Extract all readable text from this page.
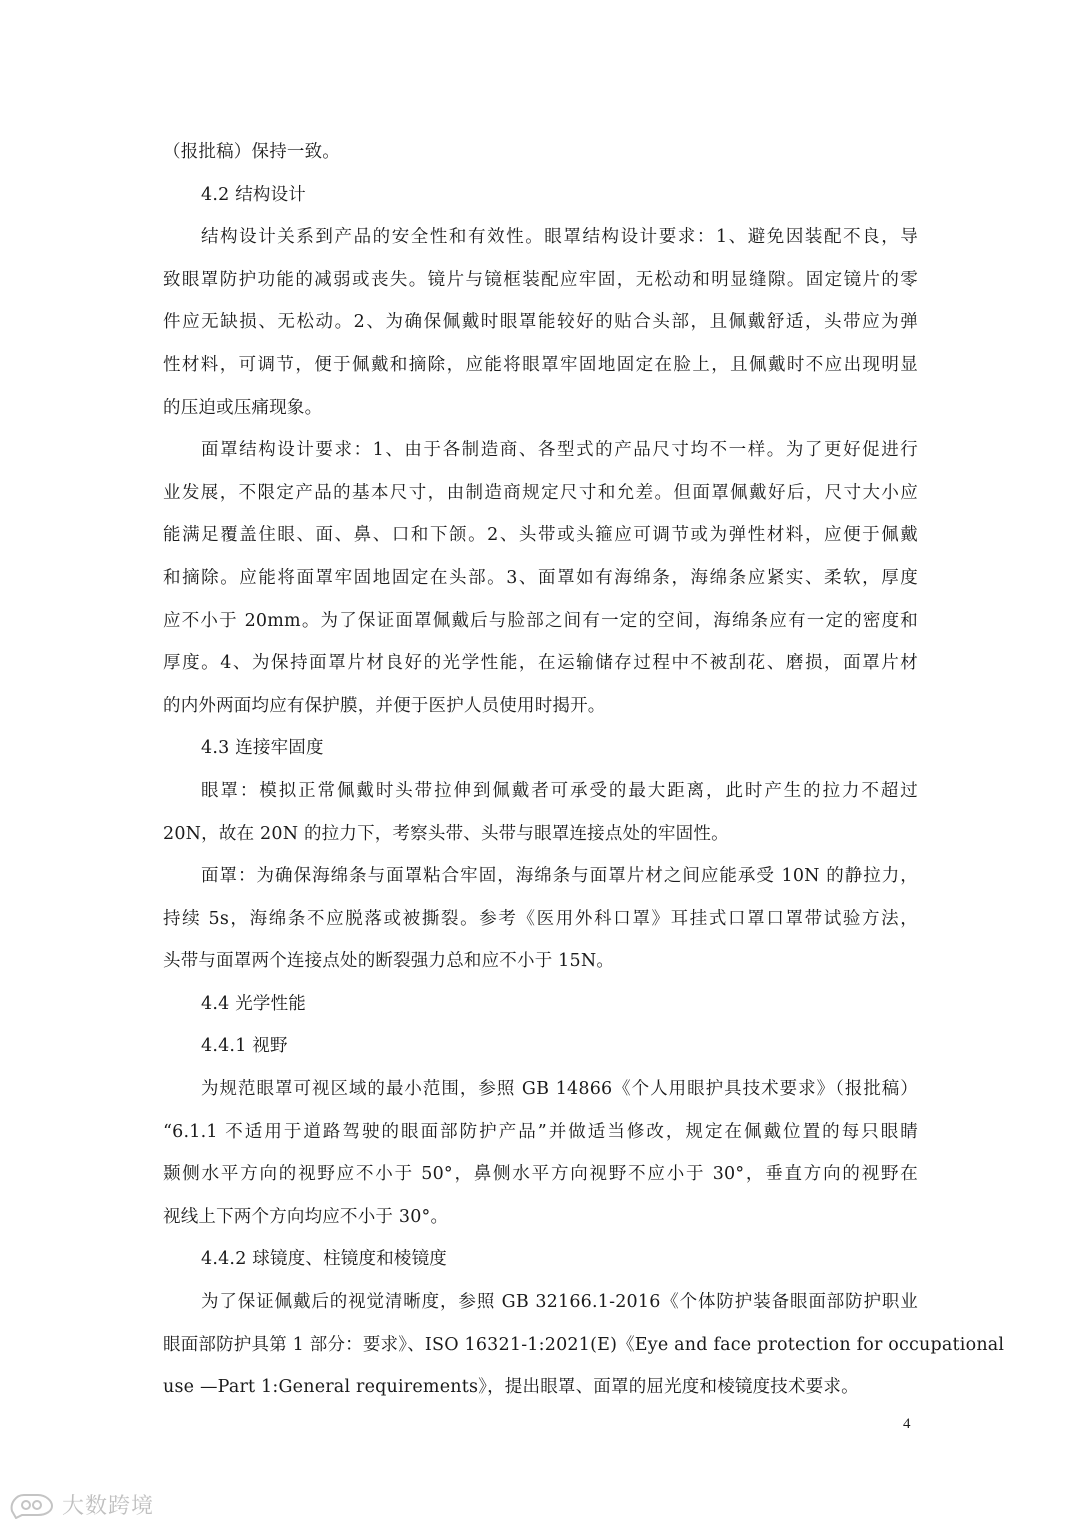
（报批稿）保持一致。
4.2 结构设计
结构设计关系到产品的安全性和有效性。眼罩结构设计要求：1、避免因装配不良，导
致眼罩防护功能的减弱或丧失。镜片与镜框装配应牢固，无松动和明显缝隙。固定镜片的零
件应无缺损、无松动。2、为确保佩戴时眼罩能较好的贴合头部，且佩戴舒适，头带应为弹
性材料，可调节，便于佩戴和摘除，应能将眼罩牢固地固定在脸上，且佩戴时不应出现明显
的压迫或压痛现象。
面罩结构设计要求：1、由于各制造商、各型式的产品尺寸均不一样。为了更好促进行
业发展，不限定产品的基本尺寸，由制造商规定尺寸和允差。但面罩佩戴好后，尺寸大小应
能满足覆盖住眼、面、鼻、口和下颌。2、头带或头箍应可调节或为弹性材料，应便于佩戴
和摘除。应能将面罩牢固地固定在头部。3、面罩如有海绵条，海绵条应紧实、柔软，厚度
应不小于 20mm。为了保证面罩佩戴后与脸部之间有一定的空间，海绵条应有一定的密度和
厚度。4、为保持面罩片材良好的光学性能，在运输储存过程中不被刮花、磨损，面罩片材
的内外两面均应有保护膜，并便于医护人员使用时揭开。
4.3 连接牢固度
眼罩：模拟正常佩戴时头带拉伸到佩戴者可承受的最大距离，此时产生的拉力不超过
20N，故在 20N 的拉力下，考察头带、头带与眼罩连接点处的牢固性。
面罩：为确保海绵条与面罩粘合牢固，海绵条与面罩片材之间应能承受 10N 的静拉力，
持续 5s，海绵条不应脱落或被撕裂。参考《医用外科口罩》耳挂式口罩口罩带试验方法，
头带与面罩两个连接点处的断裂强力总和应不小于 15N。
4.4 光学性能
4.4.1 视野
为规范眼罩可视区域的最小范围，参照 GB 14866《个人用眼护具技术要求》（报批稿）
“6.1.1 不适用于道路驾驶的眼面部防护产品”并做适当修改，规定在佩戴位置的每只眼睛
颞侧水平方向的视野应不小于 50°，鼻侧水平方向视野不应小于 30°，垂直方向的视野在
视线上下两个方向均应不小于 30°。
4.4.2 球镜度、柱镜度和棱镜度
为了保证佩戴后的视觉清晰度，参照 GB 32166.1-2016《个体防护装备眼面部防护职业
眼面部防护具第 1 部分：要求》、ISO 16321-1:2021(E)《Eye and face protection for occupational
use —Part 1:General requirements》，提出眼罩、面罩的屈光度和棱镜度技术要求。
4
大数跨境
